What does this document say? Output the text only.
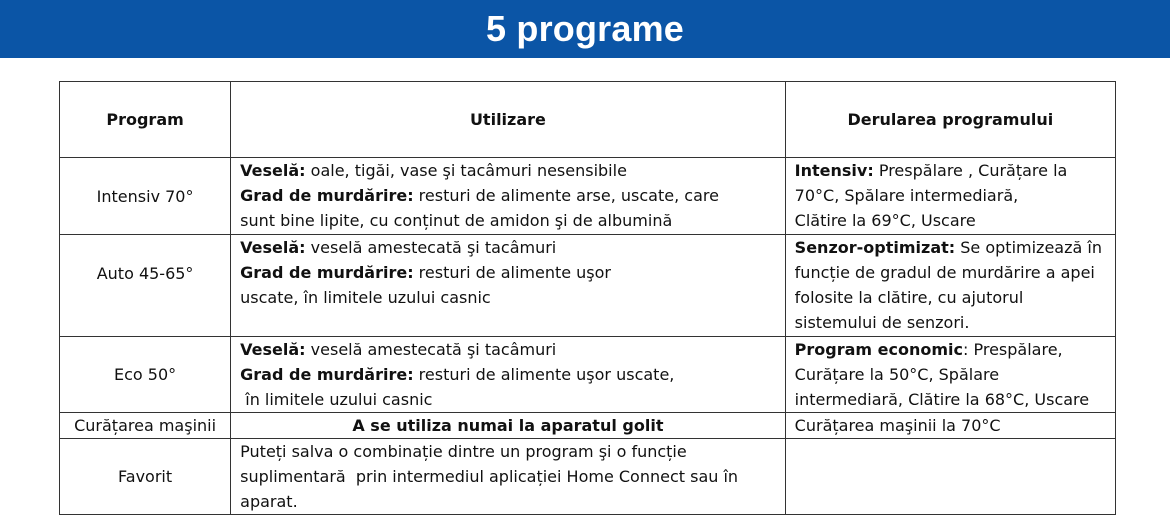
5 programe
Program	Utilizare	Derularea programului
Intensiv 70°	Veselă: oale, tigăi, vase şi tacâmuri nesensibile
Grad de murdărire: resturi de alimente arse, uscate, care
sunt bine lipite, cu conținut de amidon şi de albumină	Intensiv: Prespălare , Curățare la
70°C, Spălare intermediară,
Clătire la 69°C, Uscare

Auto 45-65°	Veselă: veselă amestecată şi tacâmuri
Grad de murdărire: resturi de alimente uşor
uscate, în limitele uzului casnic	Senzor-optimizat: Se optimizează în
funcție de gradul de murdărire a apei
folosite la clătire, cu ajutorul
sistemului de senzori.

Eco 50°	Veselă: veselă amestecată şi tacâmuri
Grad de murdărire: resturi de alimente uşor uscate,
în limitele uzului casnic	Program economic: Prespălare,
Curățare la 50°C, Spălare
intermediară, Clătire la 68°C, Uscare

Curățarea maşinii	A se utiliza numai la aparatul golit	Curățarea maşinii la 70°C
Favorit	Puteți salva o combinație dintre un program şi o funcție
suplimentară  prin intermediul aplicației Home Connect sau în
aparat.	
